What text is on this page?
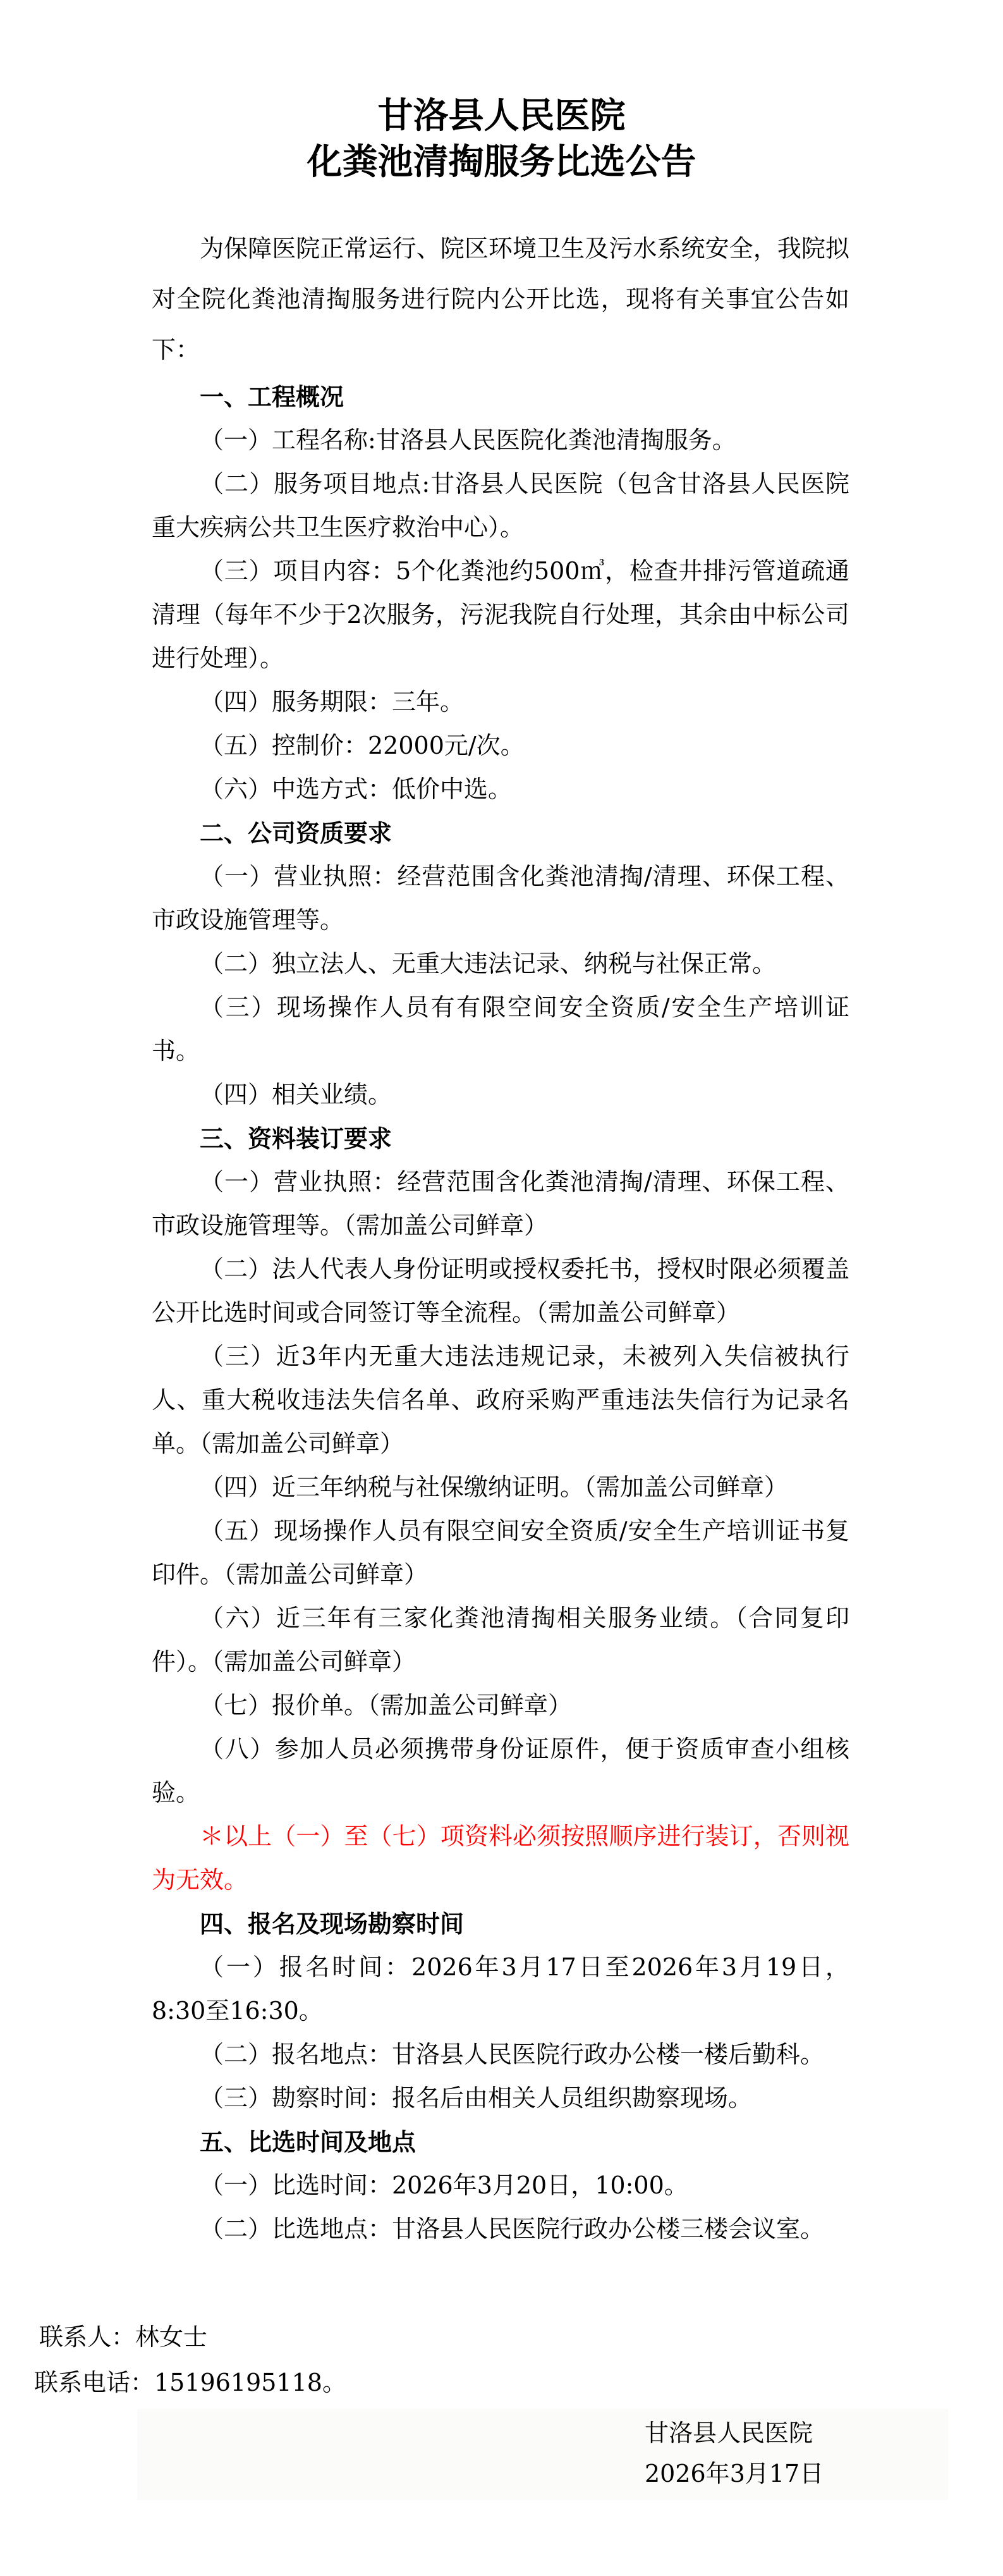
甘洛县人民医院
化粪池清掏服务比选公告

为保障医院正常运行、院区环境卫生及污水系统安全，我院拟对全院化粪池清掏服务进行院内公开比选，现将有关事宜公告如下：

一、工程概况

（一）工程名称:甘洛县人民医院化粪池清掏服务。

（二）服务项目地点:甘洛县人民医院（包含甘洛县人民医院重大疾病公共卫生医疗救治中心）。

（三）项目内容：5个化粪池约500㎥，检查井排污管道疏通清理（每年不少于2次服务，污泥我院自行处理，其余由中标公司进行处理）。

（四）服务期限：三年。

（五）控制价：22000元/次。

（六）中选方式：低价中选。

二、公司资质要求

（一）营业执照：经营范围含化粪池清掏/清理、环保工程、市政设施管理等。

（二）独立法人、无重大违法记录、纳税与社保正常。

（三）现场操作人员有有限空间安全资质/安全生产培训证书。

（四）相关业绩。

三、资料装订要求

（一）营业执照：经营范围含化粪池清掏/清理、环保工程、市政设施管理等。（需加盖公司鲜章）

（二）法人代表人身份证明或授权委托书，授权时限必须覆盖公开比选时间或合同签订等全流程。（需加盖公司鲜章）

（三）近3年内无重大违法违规记录，未被列入失信被执行人、重大税收违法失信名单、政府采购严重违法失信行为记录名单。（需加盖公司鲜章）

（四）近三年纳税与社保缴纳证明。（需加盖公司鲜章）

（五）现场操作人员有限空间安全资质/安全生产培训证书复印件。（需加盖公司鲜章）

（六）近三年有三家化粪池清掏相关服务业绩。（合同复印件）。（需加盖公司鲜章）

（七）报价单。（需加盖公司鲜章）

（八）参加人员必须携带身份证原件，便于资质审查小组核验。

＊以上（一）至（七）项资料必须按照顺序进行装订，否则视为无效。

四、报名及现场勘察时间

（一）报名时间：2026年3月17日至2026年3月19日，8:30至16:30。

（二）报名地点：甘洛县人民医院行政办公楼一楼后勤科。

（三）勘察时间：报名后由相关人员组织勘察现场。

五、比选时间及地点

（一）比选时间：2026年3月20日，10:00。

（二）比选地点：甘洛县人民医院行政办公楼三楼会议室。

联系人：林女士
联系电话：15196195118。
甘洛县人民医院
2026年3月17日
